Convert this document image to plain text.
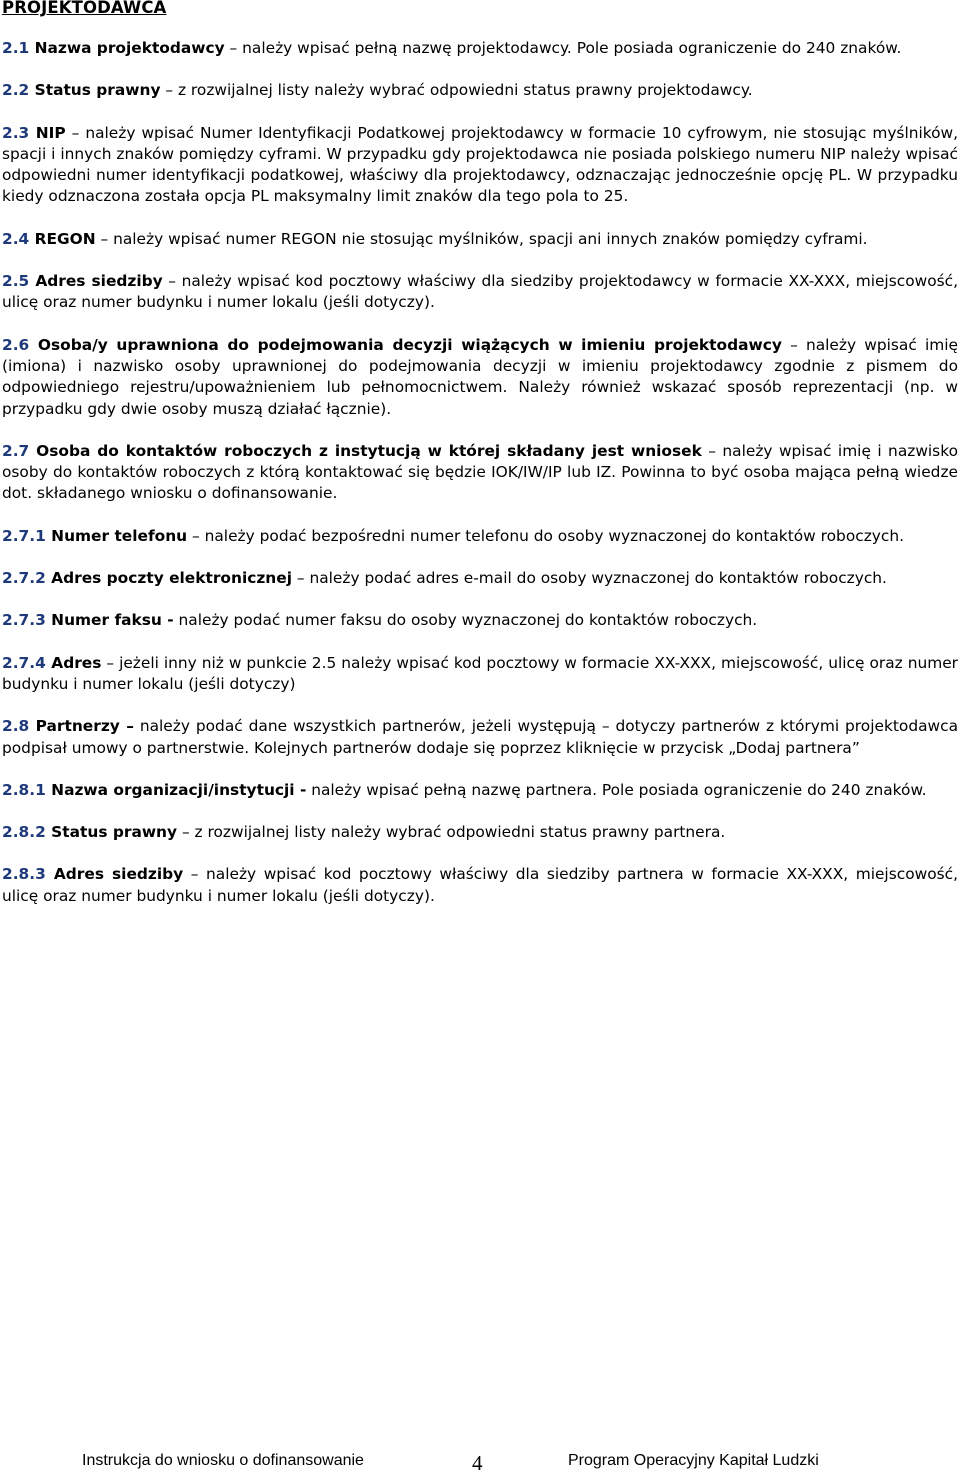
PROJEKTODAWCA

2.1 Nazwa projektodawcy – należy wpisać pełną nazwę projektodawcy. Pole posiada ograniczenie do 240 znaków.

2.2 Status prawny – z rozwijalnej listy należy wybrać odpowiedni status prawny projektodawcy.

2.3 NIP – należy wpisać Numer Identyfikacji Podatkowej projektodawcy w formacie 10 cyfrowym, nie stosując myślników, spacji i innych znaków pomiędzy cyframi. W przypadku gdy projektodawca nie posiada polskiego numeru NIP należy wpisać odpowiedni numer identyfikacji podatkowej, właściwy dla projektodawcy, odznaczając jednocześnie opcję PL. W przypadku kiedy odznaczona została opcja PL maksymalny limit znaków dla tego pola to 25.

2.4 REGON – należy wpisać numer REGON nie stosując myślników, spacji ani innych znaków pomiędzy cyframi.

2.5 Adres siedziby – należy wpisać kod pocztowy właściwy dla siedziby projektodawcy w formacie XX-XXX, miejscowość, ulicę oraz numer budynku i numer lokalu (jeśli dotyczy).

2.6 Osoba/y uprawniona do podejmowania decyzji wiążących w imieniu projektodawcy – należy wpisać imię (imiona) i nazwisko osoby uprawnionej do podejmowania decyzji w imieniu projektodawcy zgodnie z pismem do odpowiedniego rejestru/upoważnieniem lub pełnomocnictwem. Należy również wskazać sposób reprezentacji (np. w przypadku gdy dwie osoby muszą działać łącznie).

2.7 Osoba do kontaktów roboczych z instytucją w której składany jest wniosek – należy wpisać imię i nazwisko osoby do kontaktów roboczych z którą kontaktować się będzie IOK/IW/IP lub IZ. Powinna to być osoba mająca pełną wiedze dot. składanego wniosku o dofinansowanie.

2.7.1 Numer telefonu – należy podać bezpośredni numer telefonu do osoby wyznaczonej do kontaktów roboczych.

2.7.2 Adres poczty elektronicznej – należy podać adres e-mail do osoby wyznaczonej do kontaktów roboczych.

2.7.3 Numer faksu - należy podać numer faksu do osoby wyznaczonej do kontaktów roboczych.

2.7.4 Adres – jeżeli inny niż w punkcie 2.5 należy wpisać kod pocztowy w formacie XX-XXX, miejscowość, ulicę oraz numer budynku i numer lokalu (jeśli dotyczy)

2.8 Partnerzy – należy podać dane wszystkich partnerów, jeżeli występują – dotyczy partnerów z którymi projektodawca podpisał umowy o partnerstwie. Kolejnych partnerów dodaje się poprzez kliknięcie w przycisk „Dodaj partnera”

2.8.1 Nazwa organizacji/instytucji - należy wpisać pełną nazwę partnera. Pole posiada ograniczenie do 240 znaków.

2.8.2 Status prawny – z rozwijalnej listy należy wybrać odpowiedni status prawny partnera.

2.8.3 Adres siedziby – należy wpisać kod pocztowy właściwy dla siedziby partnera w formacie XX-XXX, miejscowość, ulicę oraz numer budynku i numer lokalu (jeśli dotyczy).

Instrukcja do wniosku o dofinansowanie	4	Program Operacyjny Kapitał Ludzki
